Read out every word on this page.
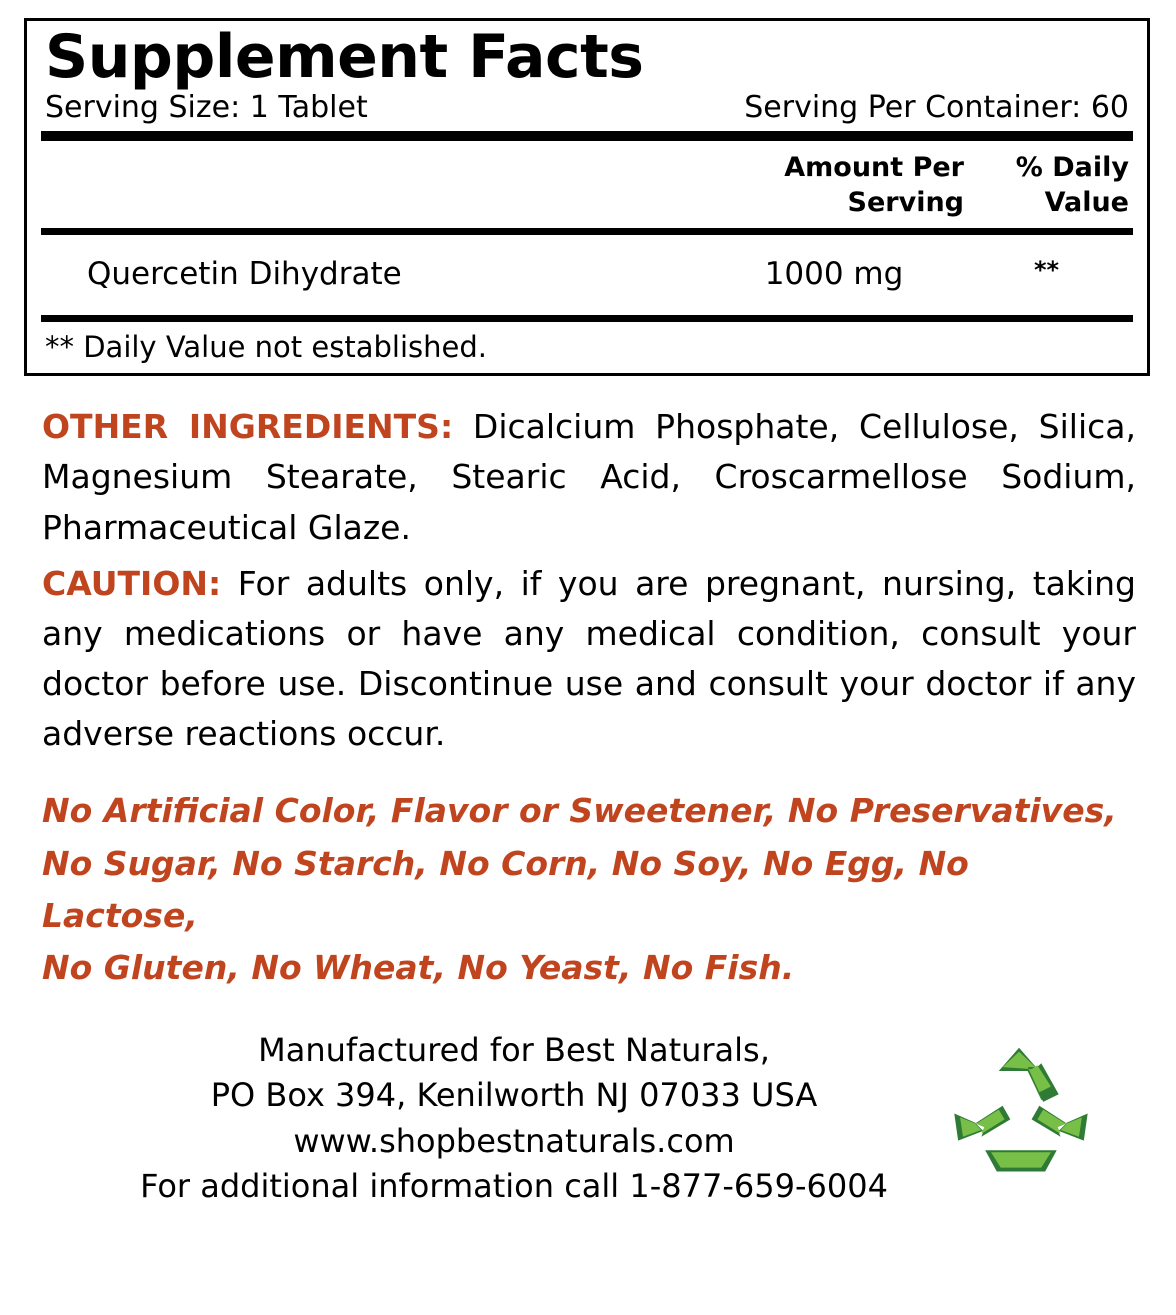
Supplement Facts
Serving Size: 1 Tablet	Serving Per Container: 60
Amount Per
Serving
% Daily
Value
Quercetin Dihydrate	1000 mg	**
** Daily Value not established.

OTHER INGREDIENTS: Dicalcium Phosphate, Cellulose, Silica, Magnesium Stearate, Stearic Acid, Croscarmellose Sodium, Pharmaceutical Glaze.

CAUTION: For adults only, if you are pregnant, nursing, taking any medications or have any medical condition, consult your doctor before use. Discontinue use and consult your doctor if any adverse reactions occur.

No Artificial Color, Flavor or Sweetener, No Preservatives,
No Sugar, No Starch, No Corn, No Soy, No Egg, No Lactose,
No Gluten, No Wheat, No Yeast, No Fish.
Manufactured for Best Naturals,
PO Box 394, Kenilworth NJ 07033 USA
www.shopbestnaturals.com
For additional information call 1-877-659-6004
